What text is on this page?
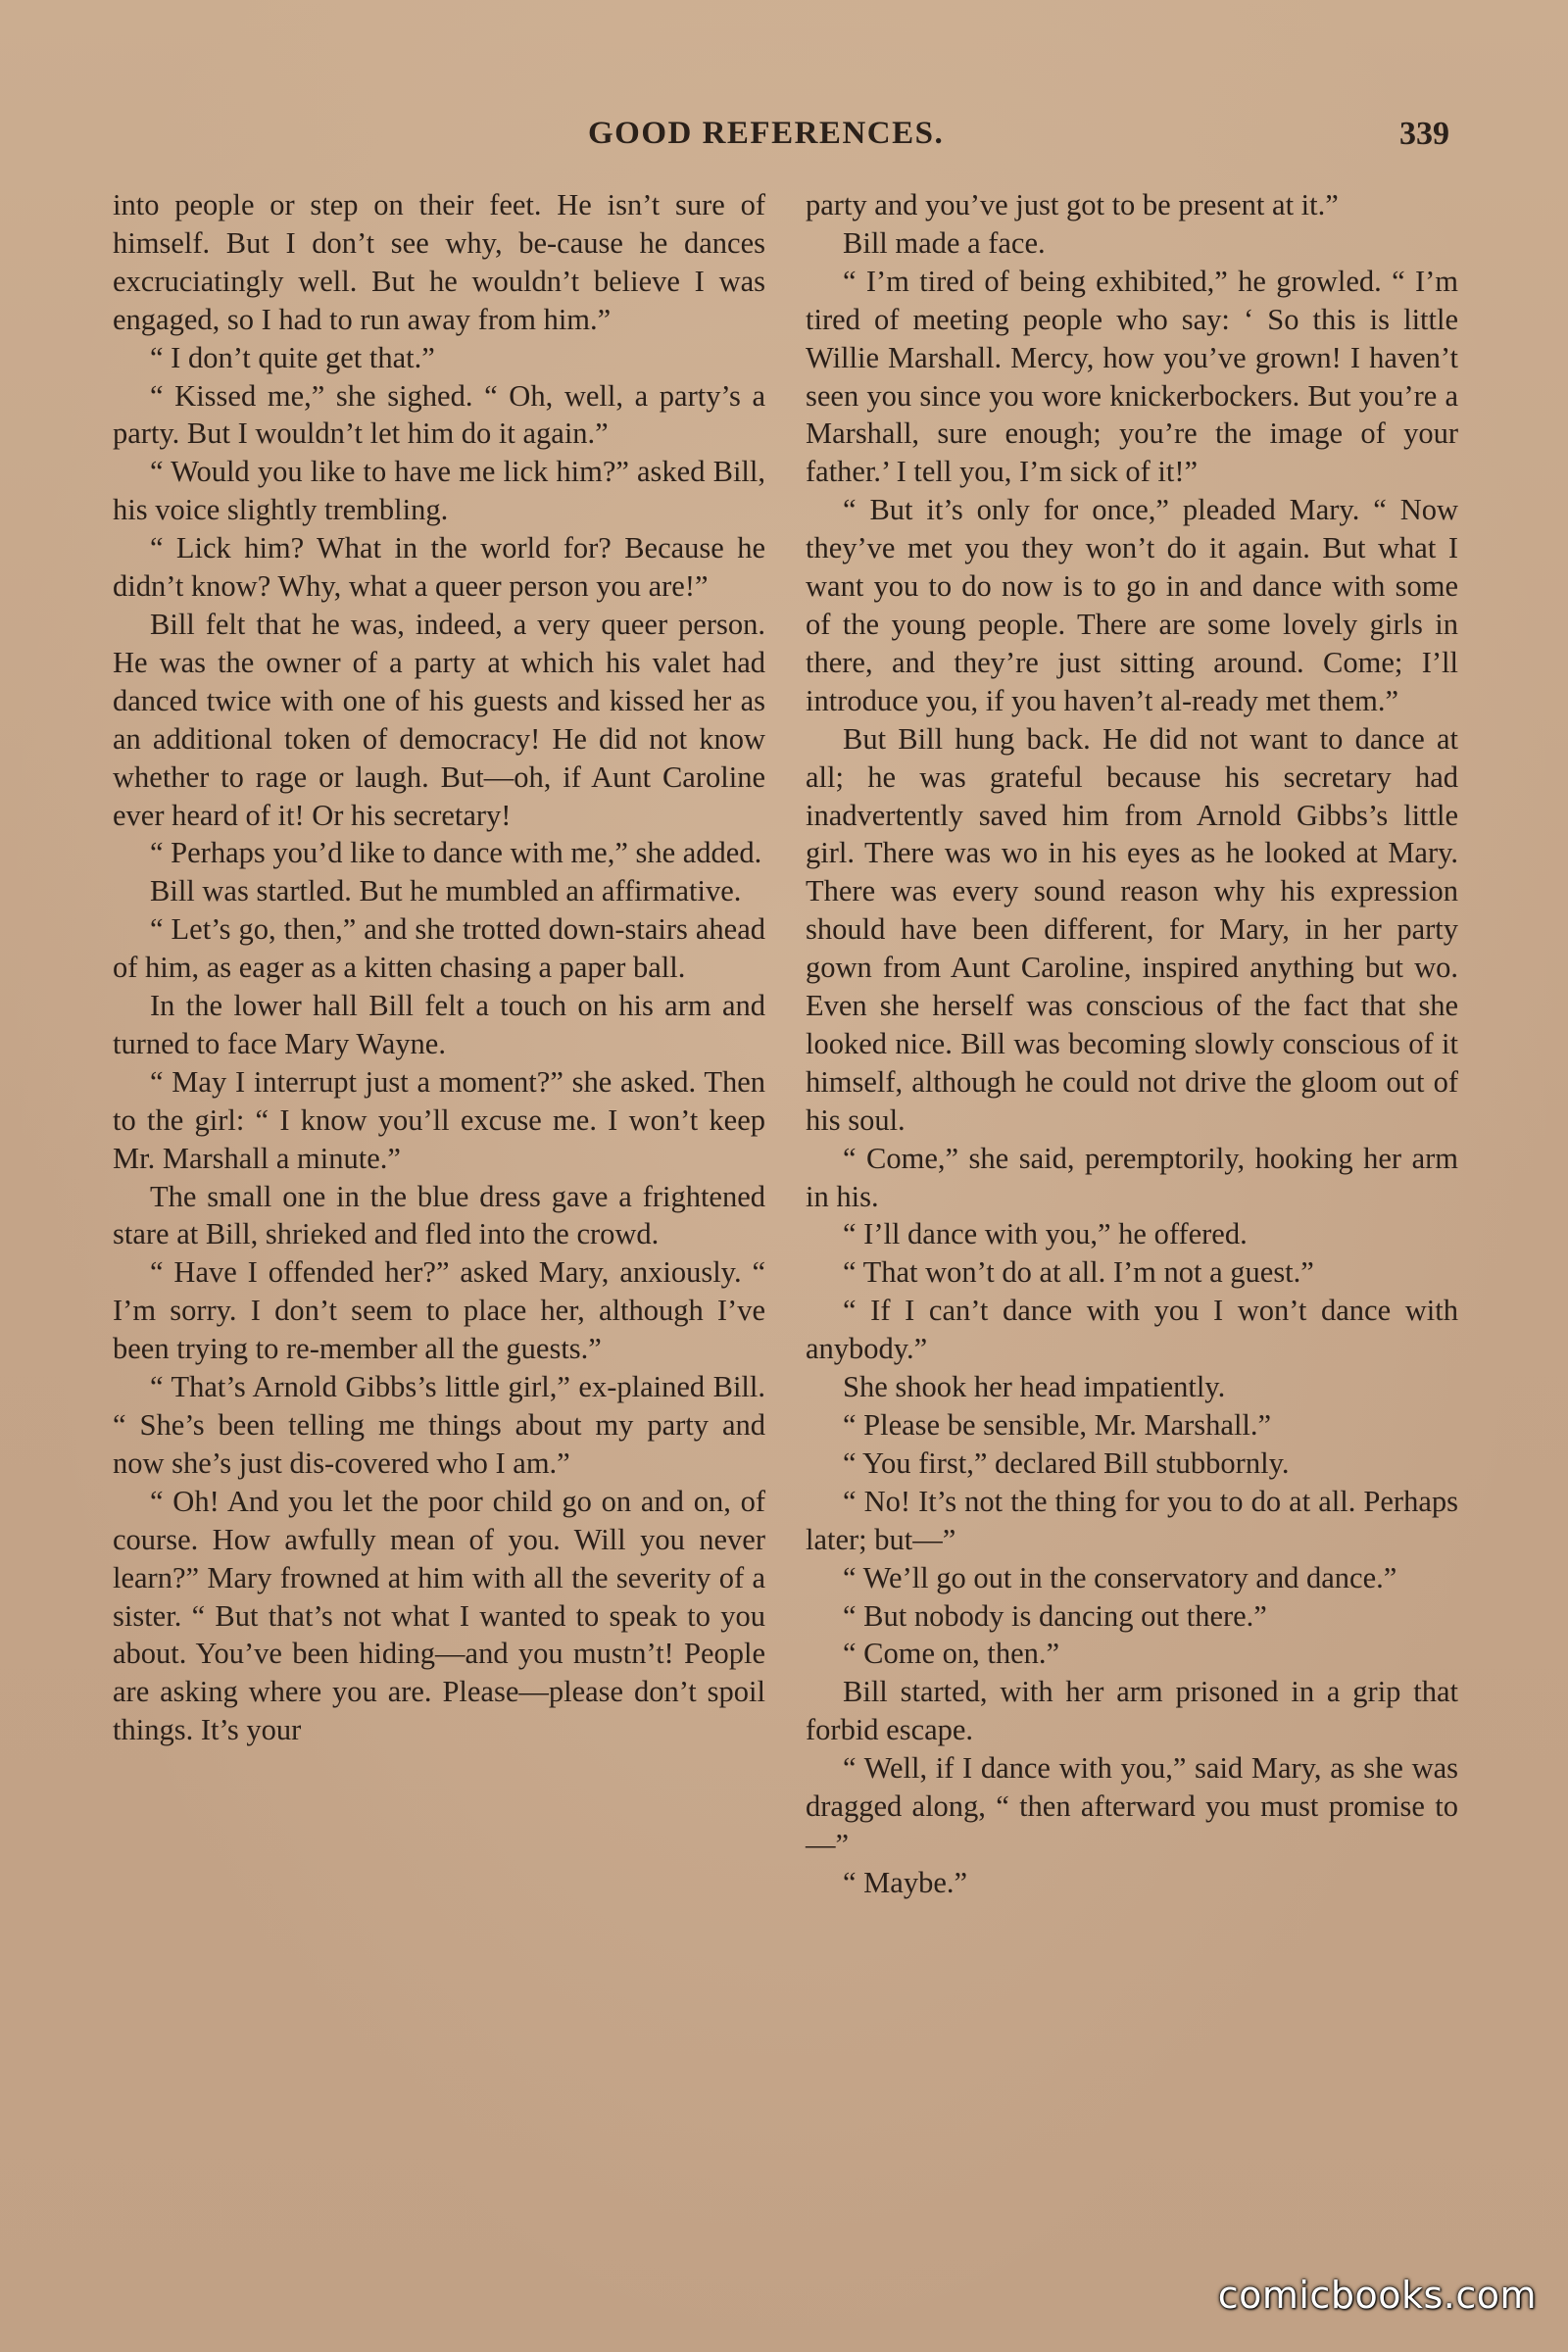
GOOD REFERENCES.	339

into people or step on their feet. He isn’t sure of himself. But I don’t see why, be-cause he dances excruciatingly well. But he wouldn’t believe I was engaged, so I had to run away from him.”

“ I don’t quite get that.”

“ Kissed me,” she sighed. “ Oh, well, a party’s a party. But I wouldn’t let him do it again.”

“ Would you like to have me lick him?” asked Bill, his voice slightly trembling.

“ Lick him? What in the world for? Because he didn’t know? Why, what a queer person you are!”

Bill felt that he was, indeed, a very queer person. He was the owner of a party at which his valet had danced twice with one of his guests and kissed her as an additional token of democracy! He did not know whether to rage or laugh. But—oh, if Aunt Caroline ever heard of it! Or his secretary!

“ Perhaps you’d like to dance with me,” she added.

Bill was startled. But he mumbled an affirmative.

“ Let’s go, then,” and she trotted down-stairs ahead of him, as eager as a kitten chasing a paper ball.

In the lower hall Bill felt a touch on his arm and turned to face Mary Wayne.

“ May I interrupt just a moment?” she asked. Then to the girl: “ I know you’ll excuse me. I won’t keep Mr. Marshall a minute.”

The small one in the blue dress gave a frightened stare at Bill, shrieked and fled into the crowd.

“ Have I offended her?” asked Mary, anxiously. “ I’m sorry. I don’t seem to place her, although I’ve been trying to re-member all the guests.”

“ That’s Arnold Gibbs’s little girl,” ex-plained Bill. “ She’s been telling me things about my party and now she’s just dis-covered who I am.”

“ Oh! And you let the poor child go on and on, of course. How awfully mean of you. Will you never learn?” Mary frowned at him with all the severity of a sister. “ But that’s not what I wanted to speak to you about. You’ve been hiding—and you mustn’t! People are asking where you are. Please—please don’t spoil things. It’s your

party and you’ve just got to be present at it.”

Bill made a face.

“ I’m tired of being exhibited,” he growled. “ I’m tired of meeting people who say: ‘ So this is little Willie Marshall. Mercy, how you’ve grown! I haven’t seen you since you wore knickerbockers. But you’re a Marshall, sure enough; you’re the image of your father.’ I tell you, I’m sick of it!”

“ But it’s only for once,” pleaded Mary. “ Now they’ve met you they won’t do it again. But what I want you to do now is to go in and dance with some of the young people. There are some lovely girls in there, and they’re just sitting around. Come; I’ll introduce you, if you haven’t al-ready met them.”

But Bill hung back. He did not want to dance at all; he was grateful because his secretary had inadvertently saved him from Arnold Gibbs’s little girl. There was wo in his eyes as he looked at Mary. There was every sound reason why his expression should have been different, for Mary, in her party gown from Aunt Caroline, inspired anything but wo. Even she herself was conscious of the fact that she looked nice. Bill was becoming slowly conscious of it himself, although he could not drive the gloom out of his soul.

“ Come,” she said, peremptorily, hooking her arm in his.

“ I’ll dance with you,” he offered.

“ That won’t do at all. I’m not a guest.”

“ If I can’t dance with you I won’t dance with anybody.”

She shook her head impatiently.

“ Please be sensible, Mr. Marshall.”

“ You first,” declared Bill stubbornly.

“ No! It’s not the thing for you to do at all. Perhaps later; but—”

“ We’ll go out in the conservatory and dance.”

“ But nobody is dancing out there.”

“ Come on, then.”

Bill started, with her arm prisoned in a grip that forbid escape.

“ Well, if I dance with you,” said Mary, as she was dragged along, “ then afterward you must promise to—”

“ Maybe.”

comicbooks.com
